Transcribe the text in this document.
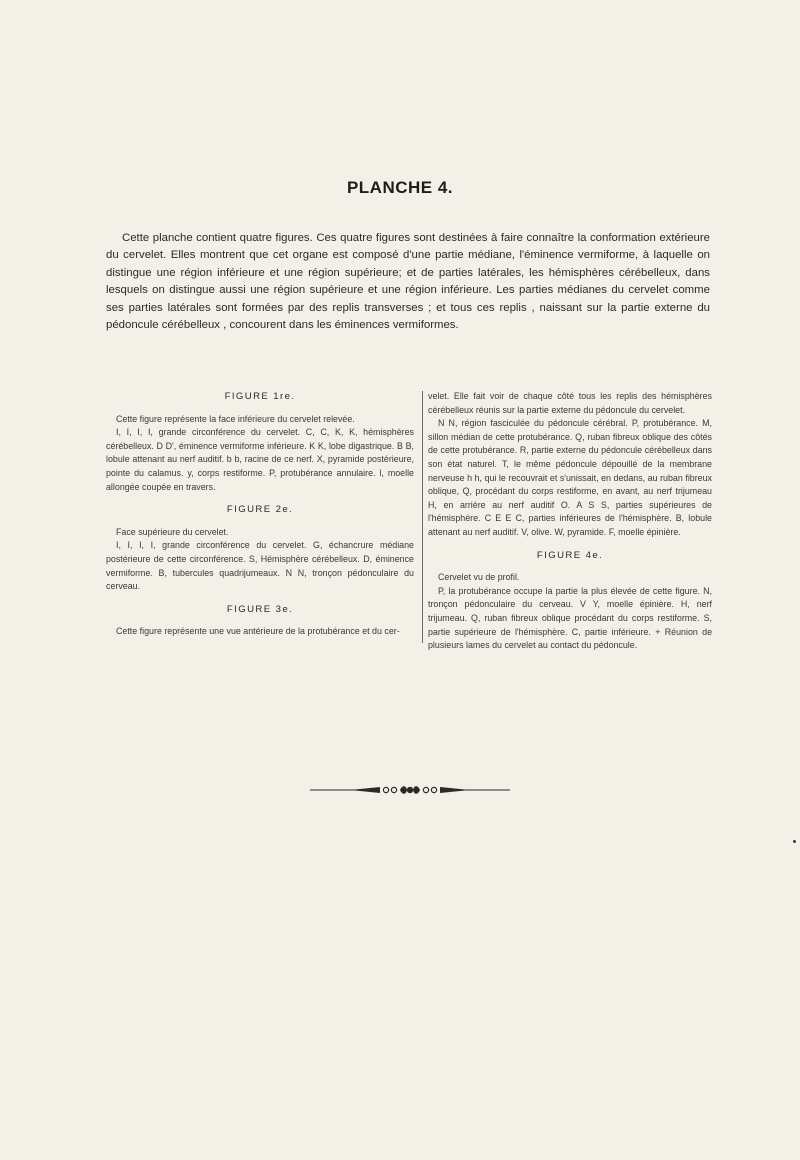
PLANCHE 4.

Cette planche contient quatre figures. Ces quatre figures sont destinées à faire connaître la conformation extérieure du cervelet. Elles montrent que cet organe est composé d'une partie médiane, l'éminence vermiforme, à laquelle on distingue une région inférieure et une région supérieure; et de parties latérales, les hémisphères cérébelleux, dans lesquels on distingue aussi une région supérieure et une région inférieure. Les parties médianes du cervelet comme ses parties latérales sont formées par des replis transverses ; et tous ces replis , naissant sur la partie externe du pédoncule cérébelleux , concourent dans les éminences vermiformes.

FIGURE 1re.

Cette figure représente la face inférieure du cervelet relevée.

I, I, I, I, grande circonférence du cervelet. C, C, K, K, hémisphères cérébelleux. D D', éminence vermiforme inférieure. K K, lobe digastrique. B B, lobule attenant au nerf auditif. b b, racine de ce nerf. X, pyramide postérieure, pointe du calamus. y, corps restiforme. P, protubérance annulaire. l, moelle allongée coupée en travers.

FIGURE 2e.

Face supérieure du cervelet.

I, I, I, I, grande circonférence du cervelet. G, échancrure médiane postérieure de cette circonférence. S, Hémisphère cérébelleux. D, éminence vermiforme. B, tubercules quadrijumeaux. N N, tronçon pédonculaire du cerveau.

FIGURE 3e.

Cette figure représente une vue antérieure de la protubérance et du cer-

velet. Elle fait voir de chaque côté tous les replis des hémisphères cérébelleux réunis sur la partie externe du pédoncule du cervelet.

N N, région fasciculée du pédoncule cérébral. P, protubérance. M, sillon médian de cette protubérance. Q, ruban fibreux oblique des côtés de cette protubérance. R, partie externe du pédoncule cérébelleux dans son état naturel. T, le même pédoncule dépouillé de la membrane nerveuse h h, qui le recouvrait et s'unissait, en dedans, au ruban fibreux oblique, Q, procédant du corps restiforme, en avant, au nerf trijumeau H, en arrière au nerf auditif O. A S S, parties supérieures de l'hémisphère. C E E C, parties inférieures de l'hémisphère. B, lobule attenant au nerf auditif. V, olive. W, pyramide. F, moelle épinière.

FIGURE 4e.

Cervelet vu de profil.

P, la protubérance occupe la partie la plus élevée de cette figure. N, tronçon pédonculaire du cerveau. V Y, moelle épinière. H, nerf trijumeau. Q, ruban fibreux oblique procédant du corps restiforme. S, partie supérieure de l'hémisphère. C, partie inférieure. + Réunion de plusieurs lames du cervelet au contact du pédoncule.
